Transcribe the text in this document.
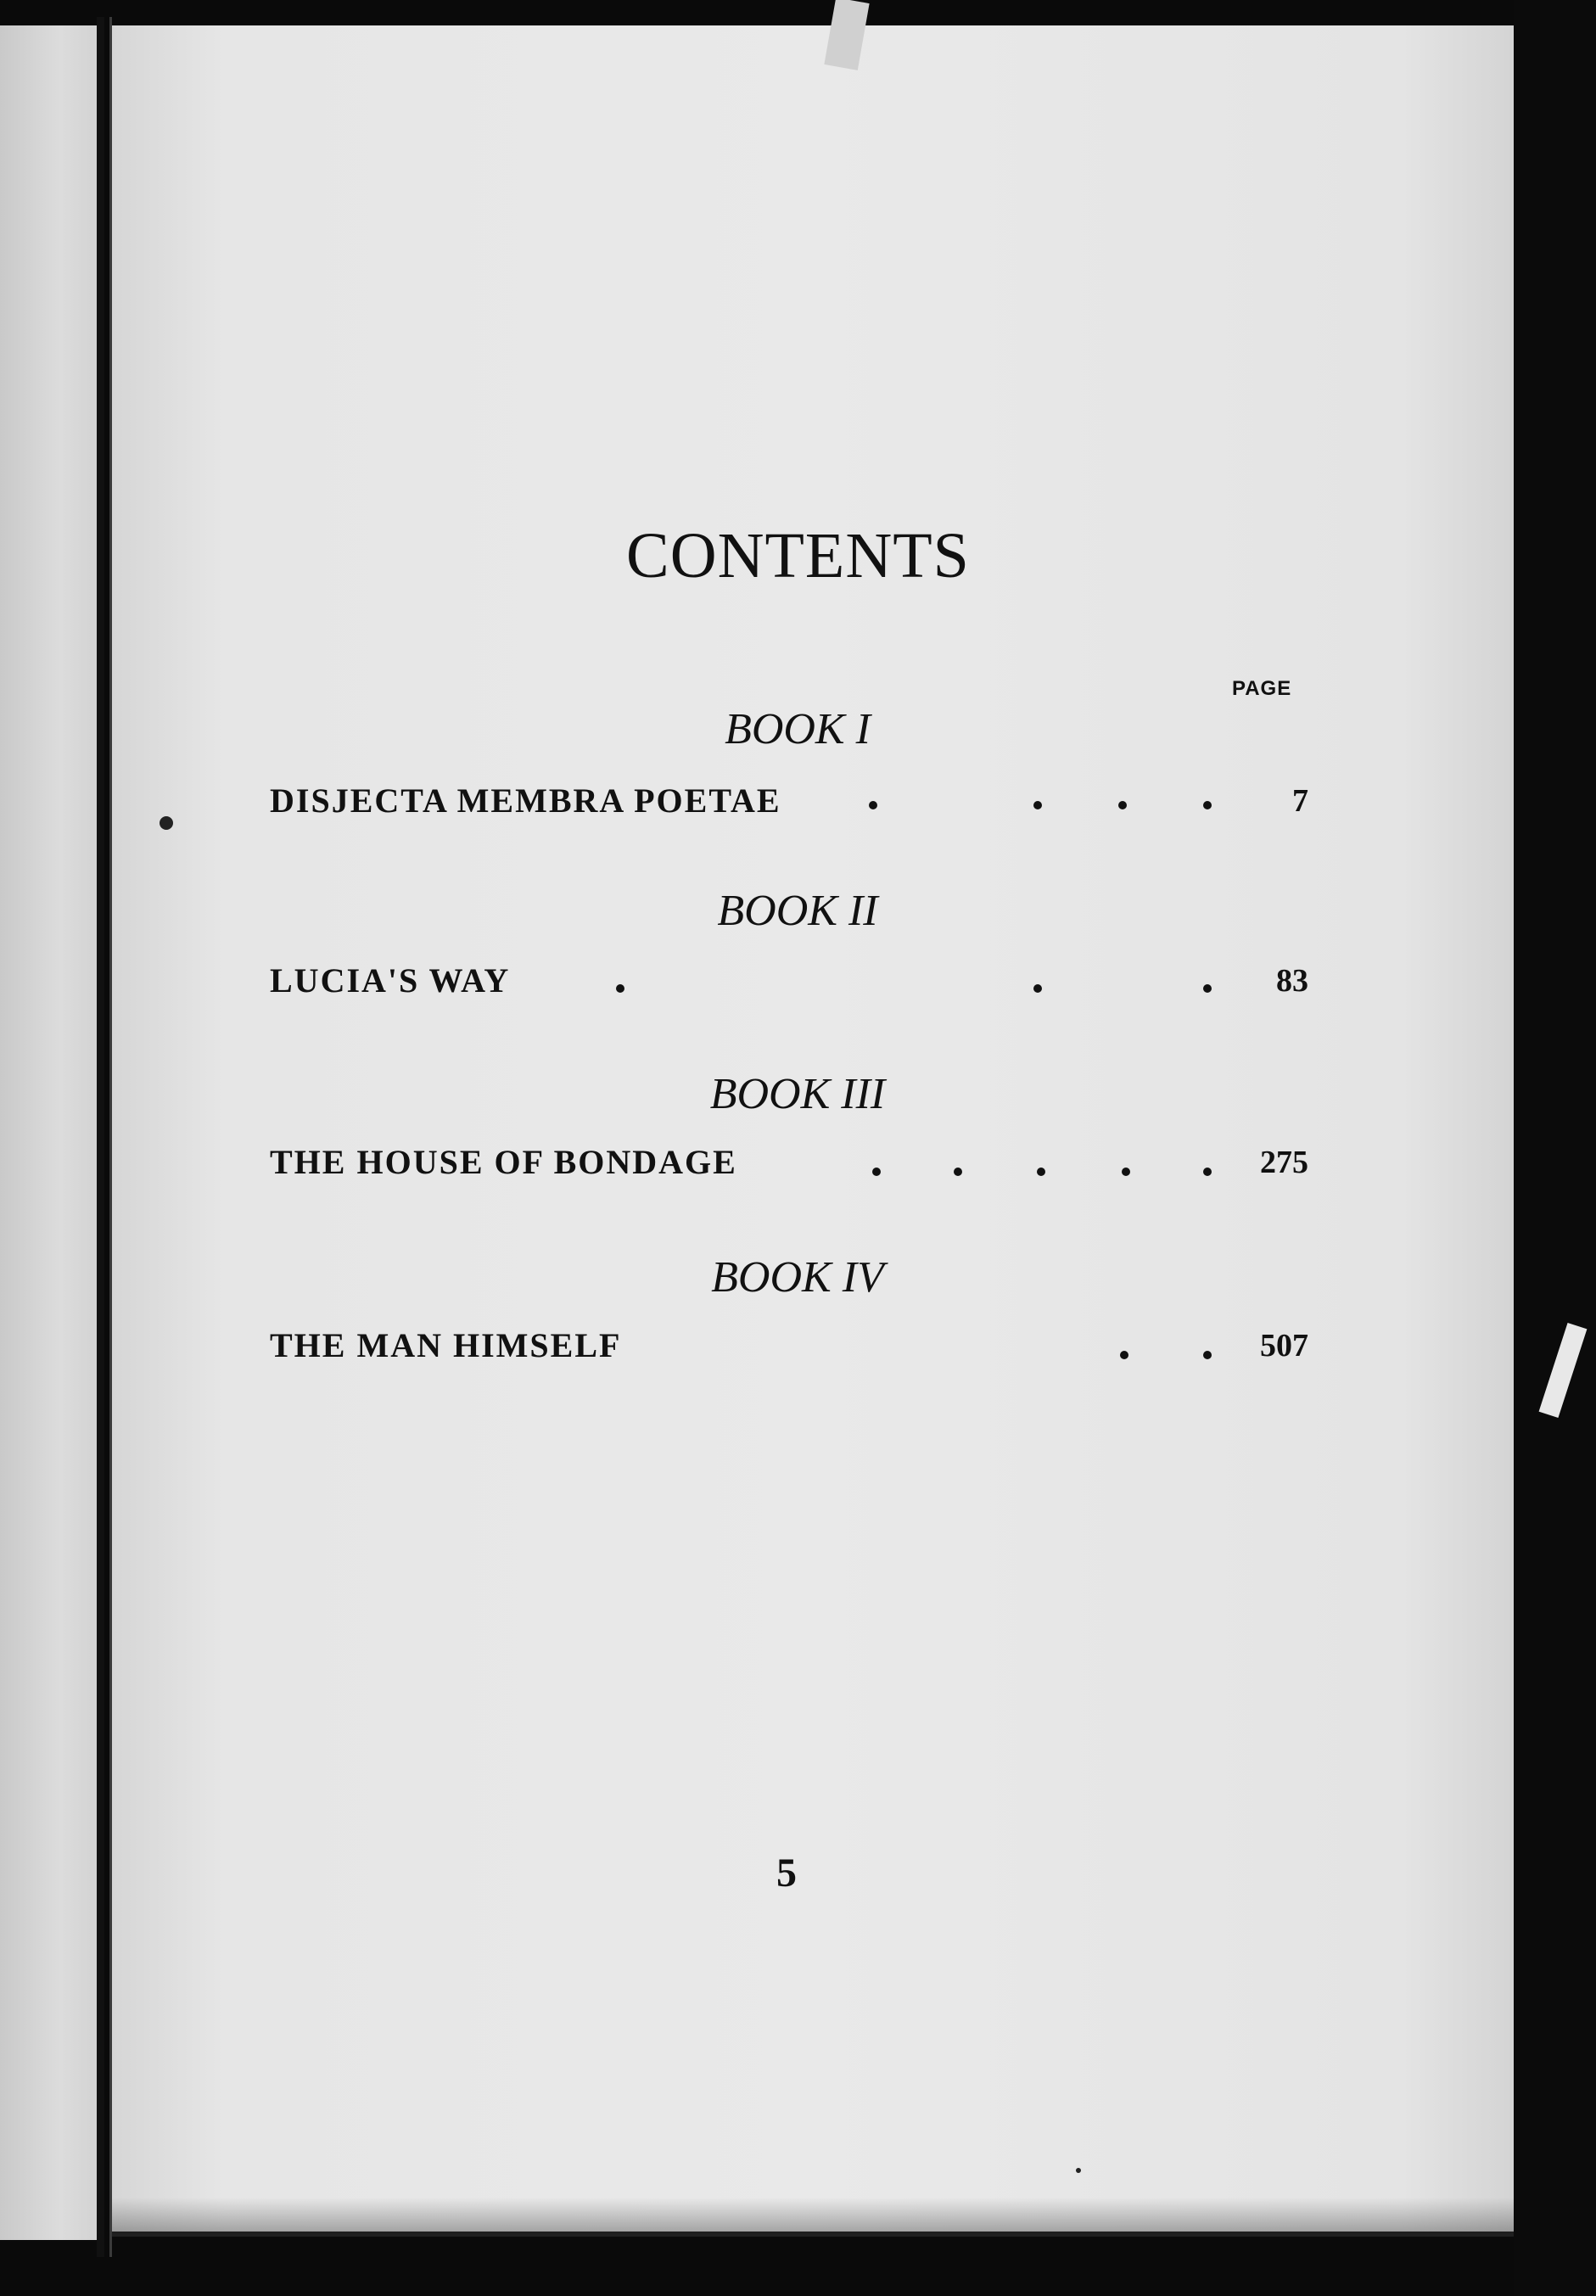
CONTENTS
PAGE
BOOK I
DISJECTA MEMBRA POETAE	7
BOOK II
LUCIA'S WAY	83
BOOK III
THE HOUSE OF BONDAGE	275
BOOK IV
THE MAN HIMSELF	507
5
